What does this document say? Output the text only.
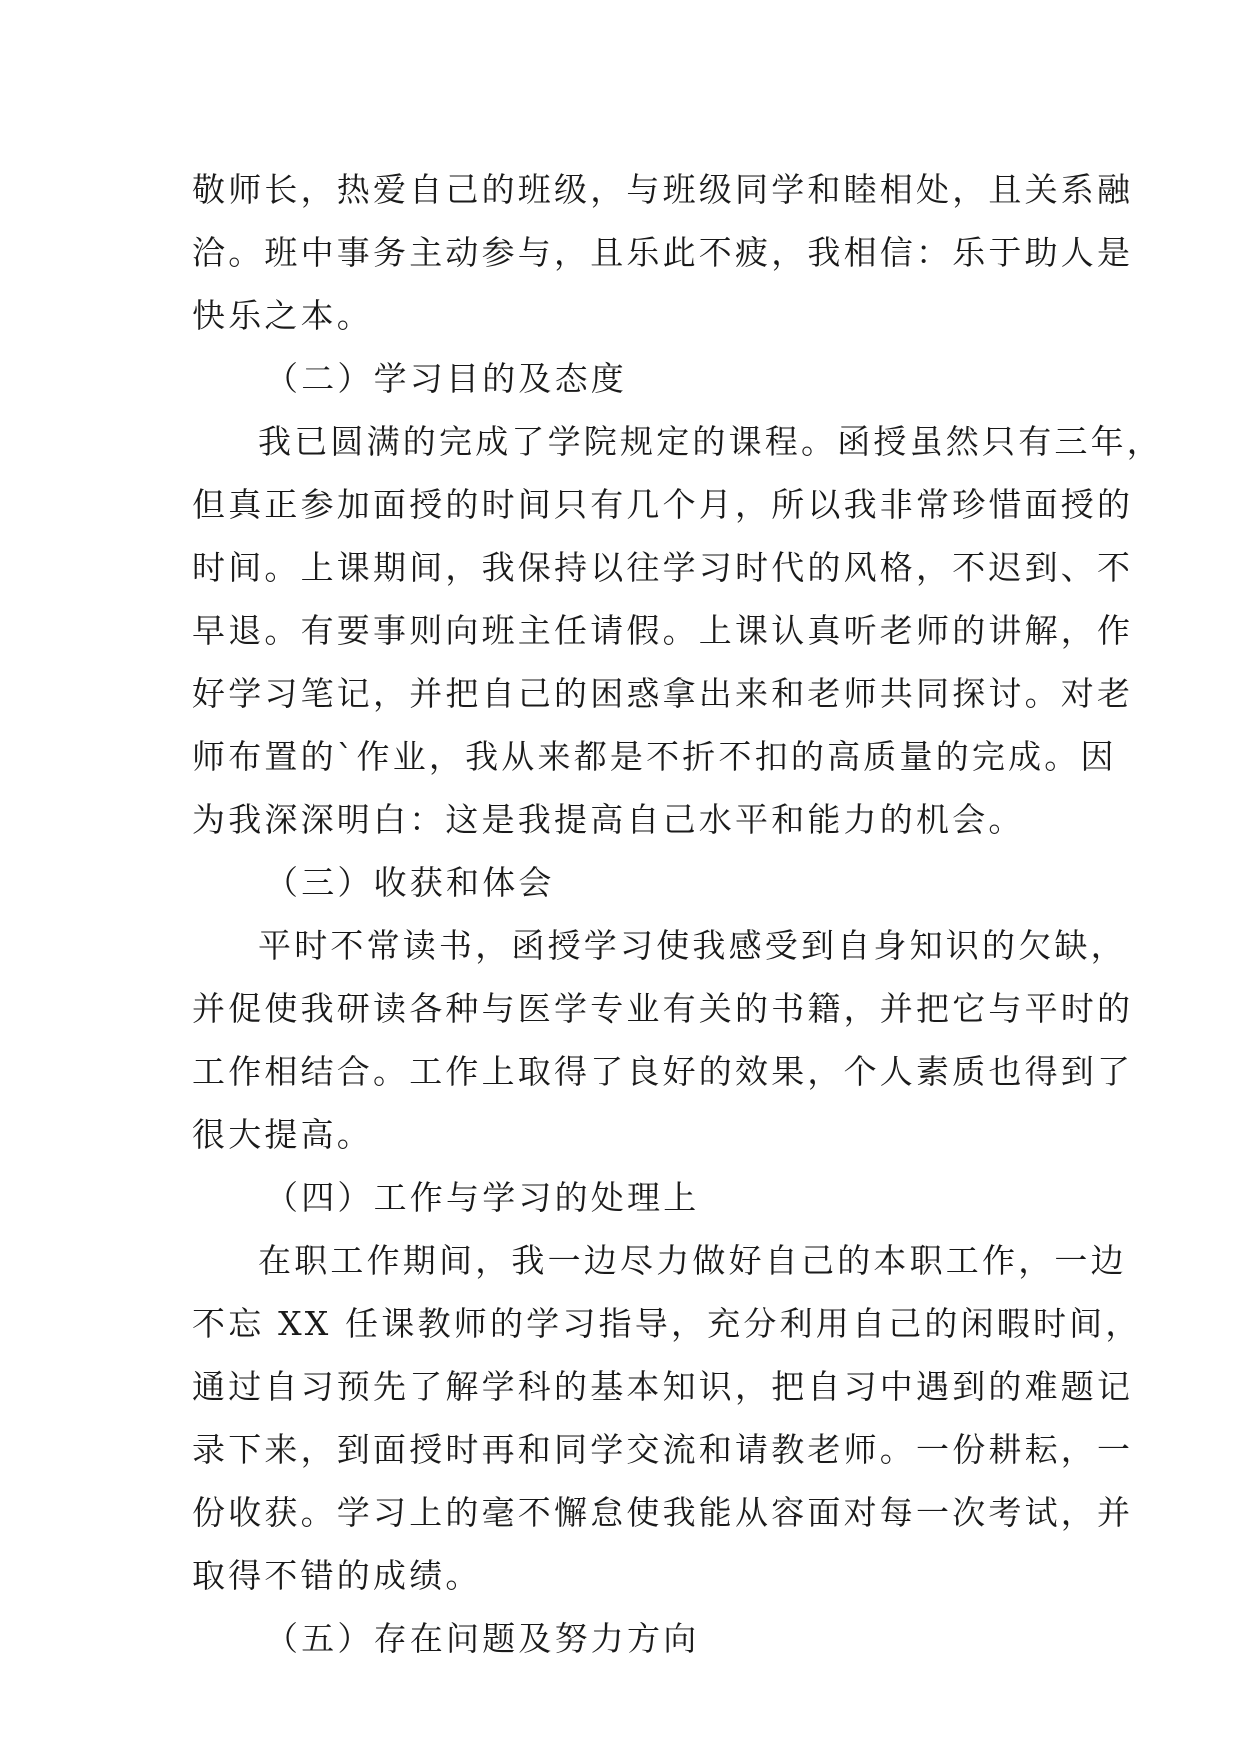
敬师长，热爱自己的班级，与班级同学和睦相处，且关系融
洽。班中事务主动参与，且乐此不疲，我相信：乐于助人是
快乐之本。
（二）学习目的及态度
我已圆满的完成了学院规定的课程。函授虽然只有三年，
但真正参加面授的时间只有几个月，所以我非常珍惜面授的
时间。上课期间，我保持以往学习时代的风格，不迟到、不
早退。有要事则向班主任请假。上课认真听老师的讲解，作
好学习笔记，并把自己的困惑拿出来和老师共同探讨。对老
师布置的`作业，我从来都是不折不扣的高质量的完成。因
为我深深明白：这是我提高自己水平和能力的机会。
（三）收获和体会
平时不常读书，函授学习使我感受到自身知识的欠缺，
并促使我研读各种与医学专业有关的书籍，并把它与平时的
工作相结合。工作上取得了良好的效果，个人素质也得到了
很大提高。
（四）工作与学习的处理上
在职工作期间，我一边尽力做好自己的本职工作，一边
不忘 XX 任课教师的学习指导，充分利用自己的闲暇时间，
通过自习预先了解学科的基本知识，把自习中遇到的难题记
录下来，到面授时再和同学交流和请教老师。一份耕耘，一
份收获。学习上的毫不懈怠使我能从容面对每一次考试，并
取得不错的成绩。
（五）存在问题及努力方向
